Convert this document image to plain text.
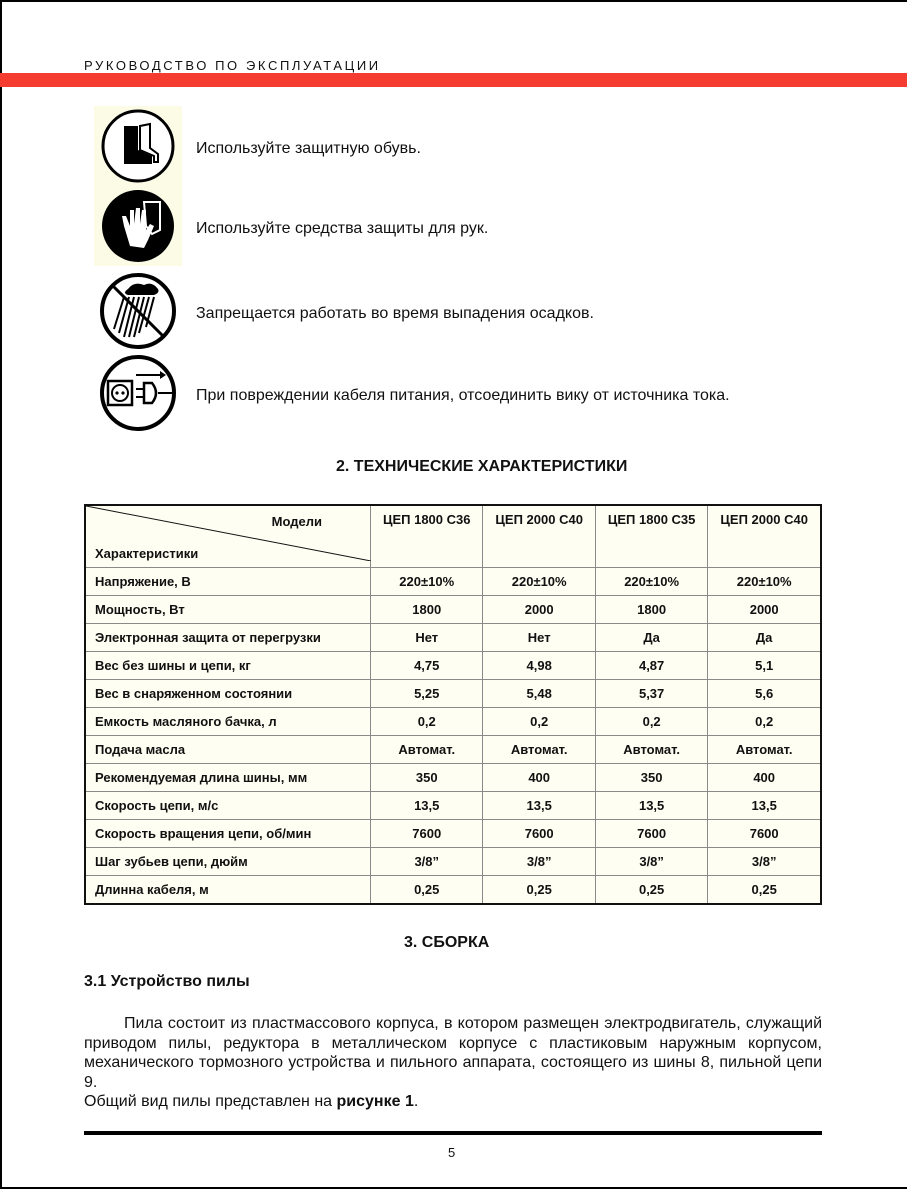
РУКОВОДСТВО ПО ЭКСПЛУАТАЦИИ
Используйте защитную обувь.
Используйте средства защиты для рук.
Запрещается работать во время выпадения осадков.
При повреждении кабеля питания, отсоединить вику от источника тока.
2. ТЕХНИЧЕСКИЕ ХАРАКТЕРИСТИКИ
Модели
Характеристики	ЦЕП 1800 С36	ЦЕП 2000 С40	ЦЕП 1800 С35	ЦЕП 2000 С40
Напряжение, В	220±10%	220±10%	220±10%	220±10%
Мощность, Вт	1800	2000	1800	2000
Электронная защита от перегрузки	Нет	Нет	Да	Да
Вес без шины и цепи, кг	4,75	4,98	4,87	5,1
Вес в снаряженном состоянии	5,25	5,48	5,37	5,6
Емкость масляного бачка, л	0,2	0,2	0,2	0,2
Подача масла	Автомат.	Автомат.	Автомат.	Автомат.
Рекомендуемая длина шины, мм	350	400	350	400
Скорость цепи, м/с	13,5	13,5	13,5	13,5
Скорость вращения цепи, об/мин	7600	7600	7600	7600
Шаг зубьев цепи, дюйм	3/8”	3/8”	3/8”	3/8”
Длинна кабеля, м	0,25	0,25	0,25	0,25
3. СБОРКА
3.1 Устройство пилы

Пила состоит из пластмассового корпуса, в котором размещен электродвигатель, служащий приводом пилы, редуктора в металлическом корпусе с пластиковым наружным корпусом, механического тормозного устройства и пильного аппарата, состоящего из шины 8, пильной цепи 9.

Общий вид пилы представлен на рисунке 1.

5
